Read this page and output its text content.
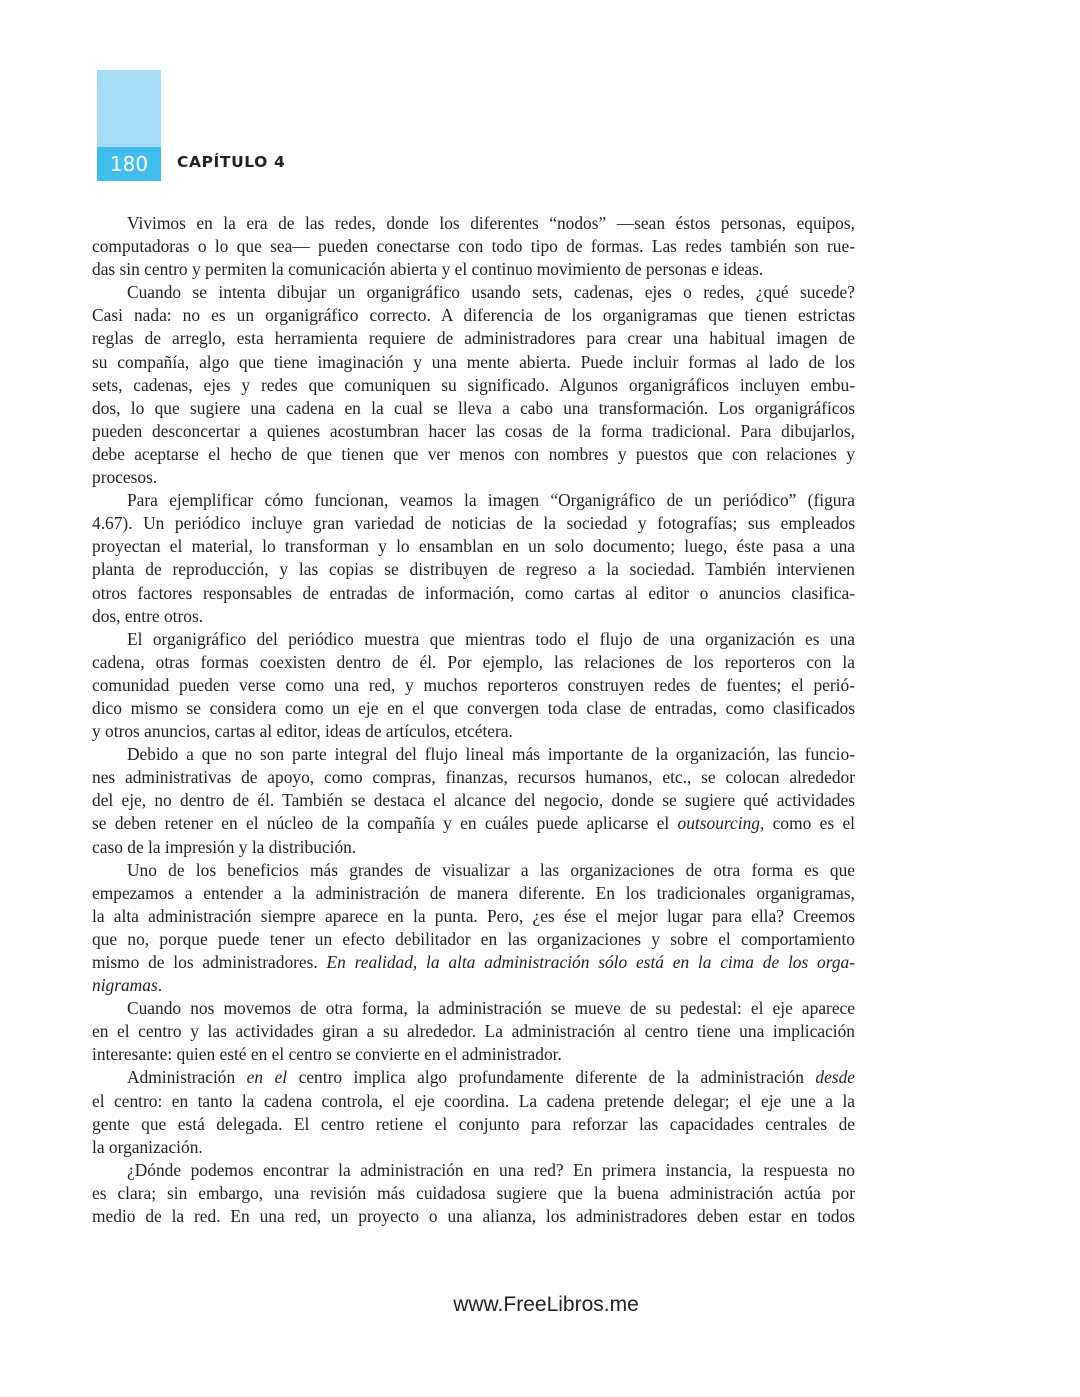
180	CAPÍTULO 4
Vivimos en la era de las redes, donde los diferentes “nodos” —sean éstos personas, equipos,
computadoras o lo que sea— pueden conectarse con todo tipo de formas. Las redes también son rue-
das sin centro y permiten la comunicación abierta y el continuo movimiento de personas e ideas.
Cuando se intenta dibujar un organigráfico usando sets, cadenas, ejes o redes, ¿qué sucede?
Casi nada: no es un organigráfico correcto. A diferencia de los organigramas que tienen estrictas
reglas de arreglo, esta herramienta requiere de administradores para crear una habitual imagen de
su compañía, algo que tiene imaginación y una mente abierta. Puede incluir formas al lado de los
sets, cadenas, ejes y redes que comuniquen su significado. Algunos organigráficos incluyen embu-
dos, lo que sugiere una cadena en la cual se lleva a cabo una transformación. Los organigráficos
pueden desconcertar a quienes acostumbran hacer las cosas de la forma tradicional. Para dibujarlos,
debe aceptarse el hecho de que tienen que ver menos con nombres y puestos que con relaciones y
procesos.
Para ejemplificar cómo funcionan, veamos la imagen “Organigráfico de un periódico” (figura
4.67). Un periódico incluye gran variedad de noticias de la sociedad y fotografías; sus empleados
proyectan el material, lo transforman y lo ensamblan en un solo documento; luego, éste pasa a una
planta de reproducción, y las copias se distribuyen de regreso a la sociedad. También intervienen
otros factores responsables de entradas de información, como cartas al editor o anuncios clasifica-
dos, entre otros.
El organigráfico del periódico muestra que mientras todo el flujo de una organización es una
cadena, otras formas coexisten dentro de él. Por ejemplo, las relaciones de los reporteros con la
comunidad pueden verse como una red, y muchos reporteros construyen redes de fuentes; el perió-
dico mismo se considera como un eje en el que convergen toda clase de entradas, como clasificados
y otros anuncios, cartas al editor, ideas de artículos, etcétera.
Debido a que no son parte integral del flujo lineal más importante de la organización, las funcio-
nes administrativas de apoyo, como compras, finanzas, recursos humanos, etc., se colocan alrededor
del eje, no dentro de él. También se destaca el alcance del negocio, donde se sugiere qué actividades
se deben retener en el núcleo de la compañía y en cuáles puede aplicarse el outsourcing, como es el
caso de la impresión y la distribución.
Uno de los beneficios más grandes de visualizar a las organizaciones de otra forma es que
empezamos a entender a la administración de manera diferente. En los tradicionales organigramas,
la alta administración siempre aparece en la punta. Pero, ¿es ése el mejor lugar para ella? Creemos
que no, porque puede tener un efecto debilitador en las organizaciones y sobre el comportamiento
mismo de los administradores. En realidad, la alta administración sólo está en la cima de los orga-
nigramas.
Cuando nos movemos de otra forma, la administración se mueve de su pedestal: el eje aparece
en el centro y las actividades giran a su alrededor. La administración al centro tiene una implicación
interesante: quien esté en el centro se convierte en el administrador.
Administración en el centro implica algo profundamente diferente de la administración desde
el centro: en tanto la cadena controla, el eje coordina. La cadena pretende delegar; el eje une a la
gente que está delegada. El centro retiene el conjunto para reforzar las capacidades centrales de
la organización.
¿Dónde podemos encontrar la administración en una red? En primera instancia, la respuesta no
es clara; sin embargo, una revisión más cuidadosa sugiere que la buena administración actúa por
medio de la red. En una red, un proyecto o una alianza, los administradores deben estar en todos
www.FreeLibros.me
